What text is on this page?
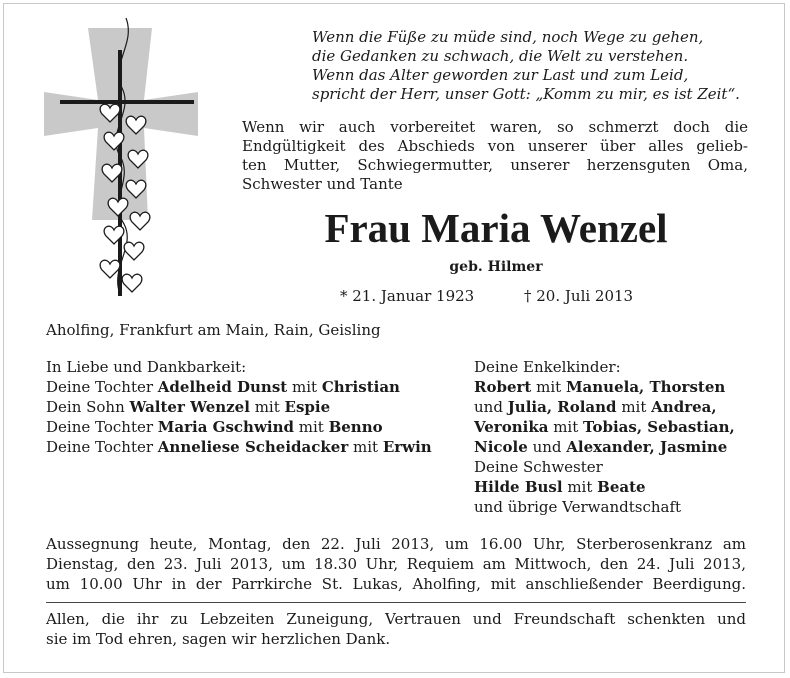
Wenn die Füße zu müde sind, noch Wege zu gehen,
die Gedanken zu schwach, die Welt zu verstehen.
Wenn das Alter geworden zur Last und zum Leid,
spricht der Herr, unser Gott: „Komm zu mir, es ist Zeit“.
Wenn wir auch vorbereitet waren, so schmerzt doch die
Endgültigkeit des Abschieds von unserer über alles gelieb-
ten Mutter, Schwiegermutter, unserer herzensguten Oma,
Schwester und Tante
Frau Maria Wenzel
geb. Hilmer
* 21. Januar 1923	† 20. Juli 2013
Aholfing, Frankfurt am Main, Rain, Geisling
In Liebe und Dankbarkeit:
Deine Tochter Adelheid Dunst mit Christian
Dein Sohn Walter Wenzel mit Espie
Deine Tochter Maria Gschwind mit Benno
Deine Tochter Anneliese Scheidacker mit Erwin
Deine Enkelkinder:
Robert mit Manuela, Thorsten
und Julia, Roland mit Andrea,
Veronika mit Tobias, Sebastian,
Nicole und Alexander, Jasmine
Deine Schwester
Hilde Busl mit Beate
und übrige Verwandtschaft
Aussegnung heute, Montag, den 22. Juli 2013, um 16.00 Uhr, Sterberosenkranz am
Dienstag, den 23. Juli 2013, um 18.30 Uhr, Requiem am Mittwoch, den 24. Juli 2013,
um 10.00 Uhr in der Parrkirche St. Lukas, Aholfing, mit anschließender Beerdigung.
Allen, die ihr zu Lebzeiten Zuneigung, Vertrauen und Freundschaft schenkten und
sie im Tod ehren, sagen wir herzlichen Dank.
